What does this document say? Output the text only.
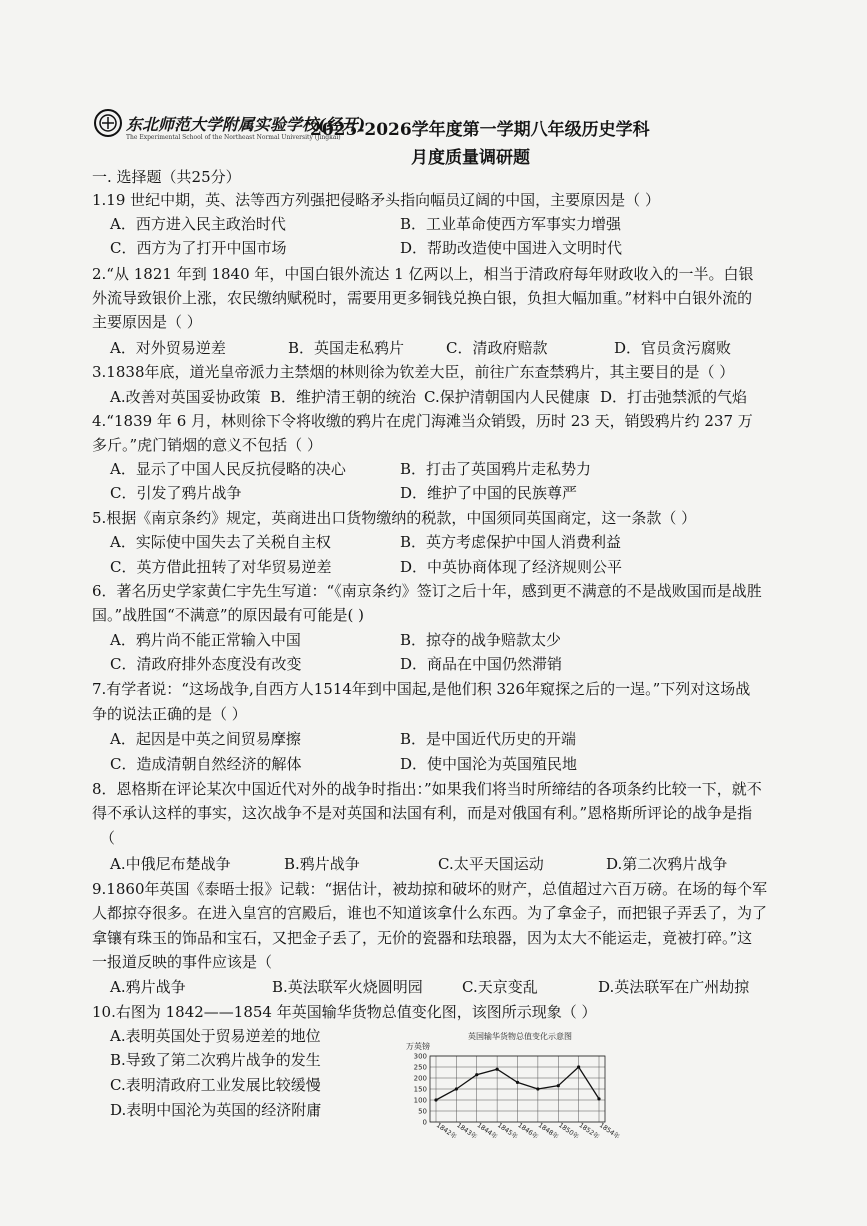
东北师范大学附属实验学校(经开)
The Experimental School of the Northeast Normal University (Jingkai)
2025-2026学年度第一学期八年级历史学科
月度质量调研题
一. 选择题（共25分）
1.19 世纪中期，英、法等西方列强把侵略矛头指向幅员辽阔的中国，主要原因是（ ）
A．西方进入民主政治时代	B．工业革命使西方军事实力增强
C．西方为了打开中国市场	D．帮助改造使中国进入文明时代
2.“从 1821 年到 1840 年，中国白银外流达 1 亿两以上，相当于清政府每年财政收入的一半。白银
外流导致银价上涨，农民缴纳赋税时，需要用更多铜钱兑换白银，负担大幅加重。”材料中白银外流的
主要原因是（ ）
A．对外贸易逆差	B．英国走私鸦片	C．清政府赔款	D．官员贪污腐败
3.1838年底，道光皇帝派力主禁烟的林则徐为钦差大臣，前往广东查禁鸦片，其主要目的是（ ）
A.改善对英国妥协政策 B．维护清王朝的统治 C.保护清朝国内人民健康 D．打击弛禁派的气焰
4.“1839 年 6 月，林则徐下令将收缴的鸦片在虎门海滩当众销毁，历时 23 天，销毁鸦片约 237 万
多斤。”虎门销烟的意义不包括（ ）
A．显示了中国人民反抗侵略的决心	B．打击了英国鸦片走私势力
C．引发了鸦片战争	D．维护了中国的民族尊严
5.根据《南京条约》规定，英商进出口货物缴纳的税款，中国须同英国商定，这一条款（ ）
A．实际使中国失去了关税自主权	B．英方考虑保护中国人消费利益
C．英方借此扭转了对华贸易逆差	D．中英协商体现了经济规则公平
6．著名历史学家黄仁宇先生写道：“《南京条约》签订之后十年，感到更不满意的不是战败国而是战胜
国。”战胜国“不满意”的原因最有可能是( )
A．鸦片尚不能正常输入中国	B．掠夺的战争赔款太少
C．清政府排外态度没有改变	D．商品在中国仍然滞销
7.有学者说：“这场战争,自西方人1514年到中国起,是他们积 326年窥探之后的一逞。”下列对这场战
争的说法正确的是（ ）
A．起因是中英之间贸易摩擦	B．是中国近代历史的开端
C．造成清朝自然经济的解体	D．使中国沦为英国殖民地
8．恩格斯在评论某次中国近代对外的战争时指出：”如果我们将当时所缔结的各项条约比较一下，就不
得不承认这样的事实，这次战争不是对英国和法国有利，而是对俄国有利。”恩格斯所评论的战争是指
（
A.中俄尼布楚战争	B.鸦片战争	C.太平天国运动	D.第二次鸦片战争
9.1860年英国《泰晤士报》记载：“据估计，被劫掠和破坏的财产，总值超过六百万磅。在场的每个军
人都掠夺很多。在进入皇宫的宫殿后，谁也不知道该拿什么东西。为了拿金子，而把银子弄丢了，为了
拿镶有珠玉的饰品和宝石，又把金子丢了，无价的瓷器和珐琅器，因为太大不能运走，竟被打碎。”这
一报道反映的事件应该是（
A.鸦片战争	B.英法联军火烧圆明园	C.天京变乱	D.英法联军在广州劫掠
10.右图为 1842——1854 年英国输华货物总值变化图，该图所示现象（ ）
A.表明英国处于贸易逆差的地位
B.导致了第二次鸦片战争的发生
C.表明清政府工业发展比较缓慢
D.表明中国沦为英国的经济附庸
英国输华货物总值变化示意图
万英镑
0
50
100
150
200
250
300
1842年
1843年
1844年
1845年
1846年
1848年
1850年
1852年
1854年
